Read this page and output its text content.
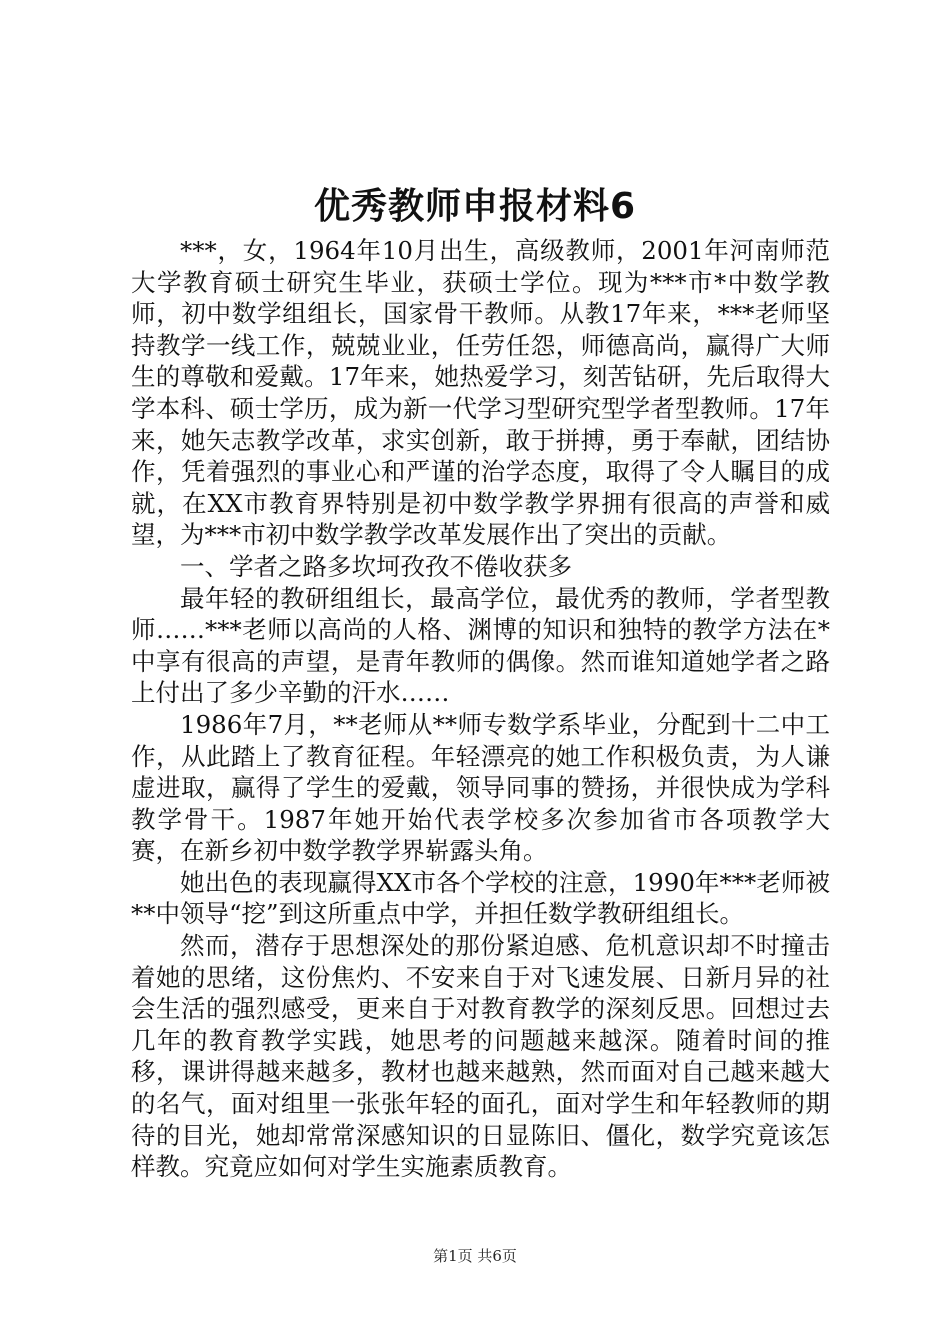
优秀教师申报材料6

***，女，1964年10月出生，高级教师，2001年河南师范大学教育硕士研究生毕业，获硕士学位。现为***市*中数学教师，初中数学组组长，国家骨干教师。从教17年来，***老师坚持教学一线工作，兢兢业业，任劳任怨，师德高尚，赢得广大师生的尊敬和爱戴。17年来，她热爱学习，刻苦钻研，先后取得大学本科、硕士学历，成为新一代学习型研究型学者型教师。17年来，她矢志教学改革，求实创新，敢于拼搏，勇于奉献，团结协作，凭着强烈的事业心和严谨的治学态度，取得了令人瞩目的成就，在XX市教育界特别是初中数学教学界拥有很高的声誉和威望，为***市初中数学教学改革发展作出了突出的贡献。

一、学者之路多坎坷孜孜不倦收获多

最年轻的教研组组长，最高学位，最优秀的教师，学者型教师……***老师以高尚的人格、渊博的知识和独特的教学方法在*中享有很高的声望，是青年教师的偶像。然而谁知道她学者之路上付出了多少辛勤的汗水……

1986年7月，**老师从**师专数学系毕业，分配到十二中工作，从此踏上了教育征程。年轻漂亮的她工作积极负责，为人谦虚进取，赢得了学生的爱戴，领导同事的赞扬，并很快成为学科教学骨干。1987年她开始代表学校多次参加省市各项教学大赛，在新乡初中数学教学界崭露头角。

她出色的表现赢得XX市各个学校的注意，1990年***老师被**中领导“挖”到这所重点中学，并担任数学教研组组长。

然而，潜存于思想深处的那份紧迫感、危机意识却不时撞击着她的思绪，这份焦灼、不安来自于对飞速发展、日新月异的社会生活的强烈感受，更来自于对教育教学的深刻反思。回想过去几年的教育教学实践，她思考的问题越来越深。随着时间的推移，课讲得越来越多，教材也越来越熟，然而面对自己越来越大的名气，面对组里一张张年轻的面孔，面对学生和年轻教师的期待的目光，她却常常深感知识的日显陈旧、僵化，数学究竟该怎样教。究竟应如何对学生实施素质教育。

第1页 共6页
